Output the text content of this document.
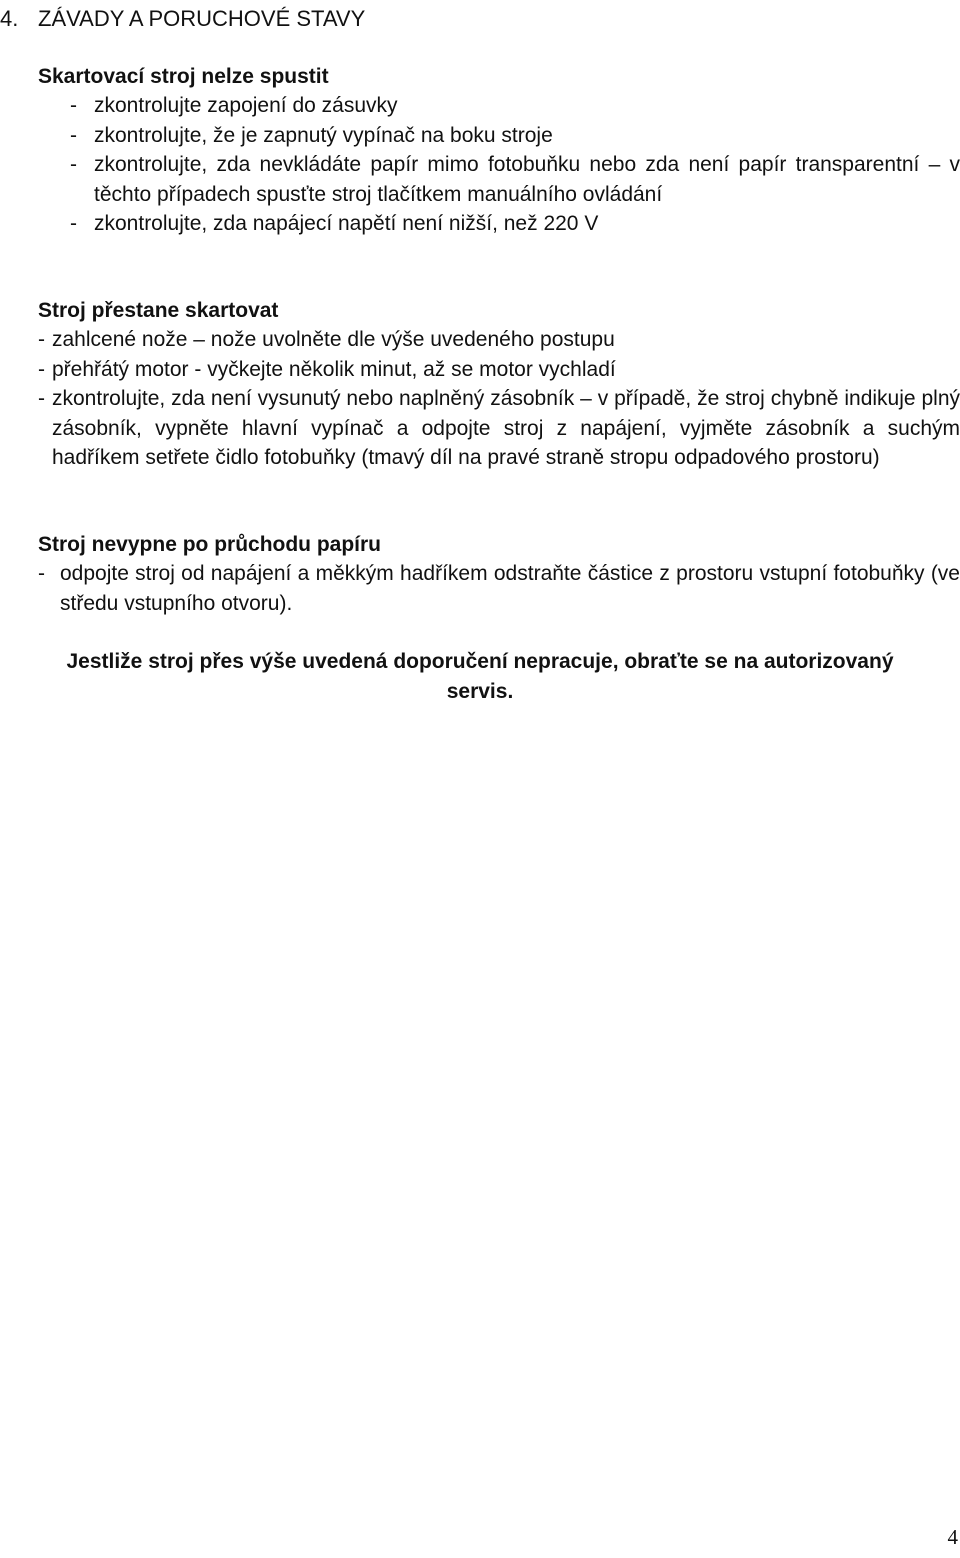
4. ZÁVADY A PORUCHOVÉ STAVY
Skartovací stroj nelze spustit
- zkontrolujte zapojení do zásuvky
- zkontrolujte, že je zapnutý vypínač na boku stroje
- zkontrolujte, zda nevkládáte papír mimo fotobuňku nebo zda není papír transparentní – v těchto případech spusťte stroj tlačítkem manuálního ovládání
- zkontrolujte, zda napájecí napětí není nižší, než 220 V
Stroj přestane skartovat
- zahlcené nože – nože uvolněte dle výše uvedeného postupu
- přehřátý motor - vyčkejte několik minut, až se motor vychladí
- zkontrolujte, zda není vysunutý nebo naplněný zásobník – v případě, že stroj chybně indikuje plný zásobník, vypněte hlavní vypínač a odpojte stroj z napájení, vyjměte zásobník a suchým hadříkem setřete čidlo fotobuňky (tmavý díl na pravé straně stropu odpadového prostoru)
Stroj nevypne po průchodu papíru
- odpojte stroj od napájení a měkkým hadříkem odstraňte částice z prostoru vstupní fotobuňky (ve středu vstupního otvoru).
Jestliže stroj přes výše uvedená doporučení nepracuje, obraťte se na autorizovaný servis.
4
